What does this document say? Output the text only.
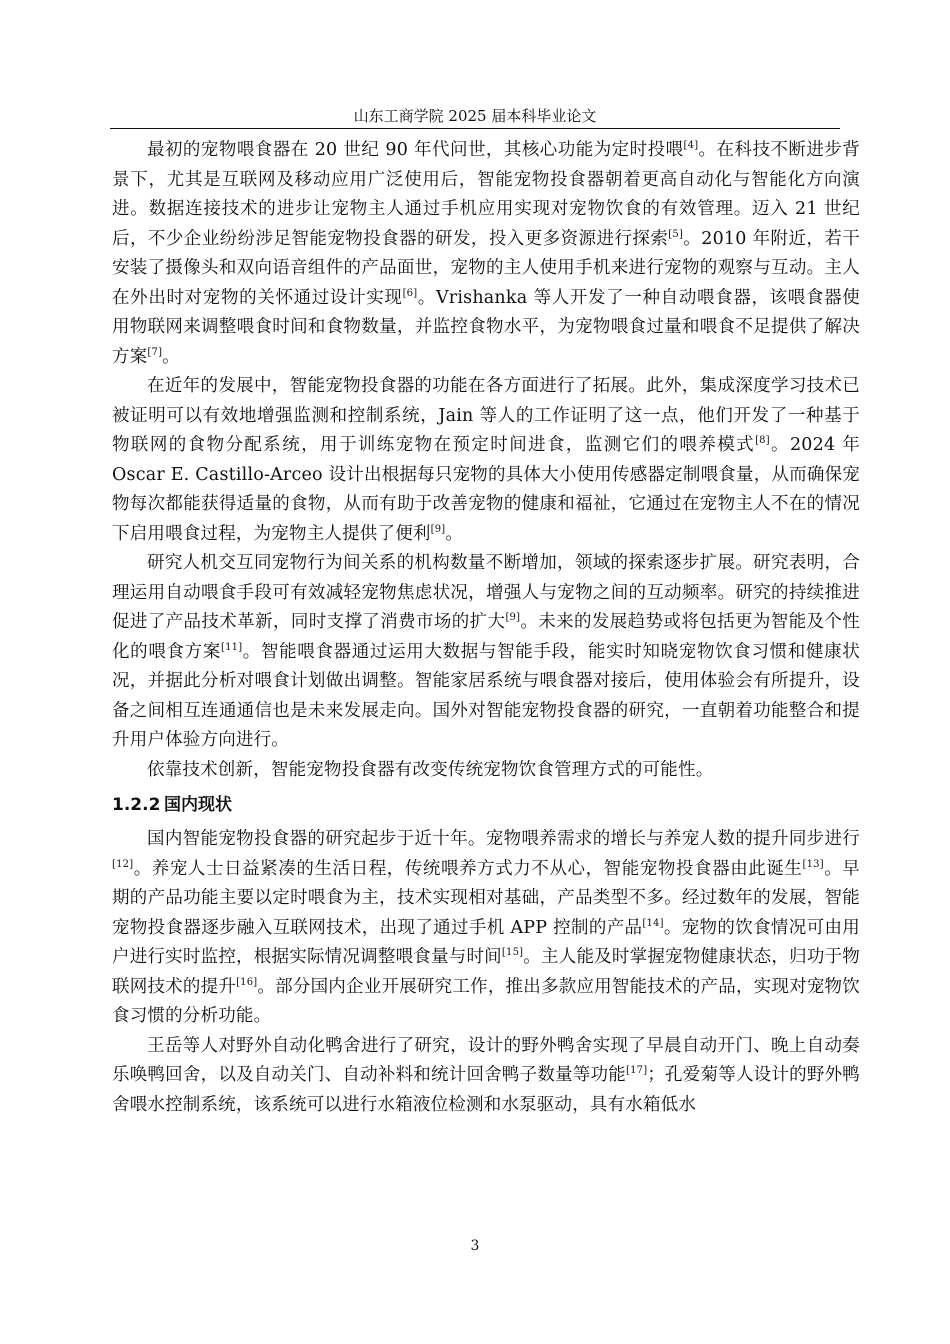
山东工商学院 2025 届本科毕业论文

最初的宠物喂食器在 20 世纪 90 年代问世，其核心功能为定时投喂[4]。在科技不断进步背景下，尤其是互联网及移动应用广泛使用后，智能宠物投食器朝着更高自动化与智能化方向演进。数据连接技术的进步让宠物主人通过手机应用实现对宠物饮食的有效管理。迈入 21 世纪后，不少企业纷纷涉足智能宠物投食器的研发，投入更多资源进行探索[5]。2010 年附近，若干安装了摄像头和双向语音组件的产品面世，宠物的主人使用手机来进行宠物的观察与互动。主人在外出时对宠物的关怀通过设计实现[6]。Vrishanka 等人开发了一种自动喂食器，该喂食器使用物联网来调整喂食时间和食物数量，并监控食物水平，为宠物喂食过量和喂食不足提供了解决方案[7]。

在近年的发展中，智能宠物投食器的功能在各方面进行了拓展。此外，集成深度学习技术已被证明可以有效地增强监测和控制系统，Jain 等人的工作证明了这一点，他们开发了一种基于物联网的食物分配系统，用于训练宠物在预定时间进食，监测它们的喂养模式[8]。2024 年 Oscar E. Castillo-Arceo 设计出根据每只宠物的具体大小使用传感器定制喂食量，从而确保宠物每次都能获得适量的食物，从而有助于改善宠物的健康和福祉，它通过在宠物主人不在的情况下启用喂食过程，为宠物主人提供了便利[9]。

研究人机交互同宠物行为间关系的机构数量不断增加，领域的探索逐步扩展。研究表明，合理运用自动喂食手段可有效减轻宠物焦虑状况，增强人与宠物之间的互动频率。研究的持续推进促进了产品技术革新，同时支撑了消费市场的扩大[9]。未来的发展趋势或将包括更为智能及个性化的喂食方案[11]。智能喂食器通过运用大数据与智能手段，能实时知晓宠物饮食习惯和健康状况，并据此分析对喂食计划做出调整。智能家居系统与喂食器对接后，使用体验会有所提升，设备之间相互连通通信也是未来发展走向。国外对智能宠物投食器的研究，一直朝着功能整合和提升用户体验方向进行。

依靠技术创新，智能宠物投食器有改变传统宠物饮食管理方式的可能性。

1.2.2 国内现状

国内智能宠物投食器的研究起步于近十年。宠物喂养需求的增长与养宠人数的提升同步进行[12]。养宠人士日益紧凑的生活日程，传统喂养方式力不从心，智能宠物投食器由此诞生[13]。早期的产品功能主要以定时喂食为主，技术实现相对基础，产品类型不多。经过数年的发展，智能宠物投食器逐步融入互联网技术，出现了通过手机 APP 控制的产品[14]。宠物的饮食情况可由用户进行实时监控，根据实际情况调整喂食量与时间[15]。主人能及时掌握宠物健康状态，归功于物联网技术的提升[16]。部分国内企业开展研究工作，推出多款应用智能技术的产品，实现对宠物饮食习惯的分析功能。

王岳等人对野外自动化鸭舍进行了研究，设计的野外鸭舍实现了早晨自动开门、晚上自动奏乐唤鸭回舍，以及自动关门、自动补料和统计回舍鸭子数量等功能[17]；孔爱菊等人设计的野外鸭舍喂水控制系统，该系统可以进行水箱液位检测和水泵驱动，具有水箱低水

3
